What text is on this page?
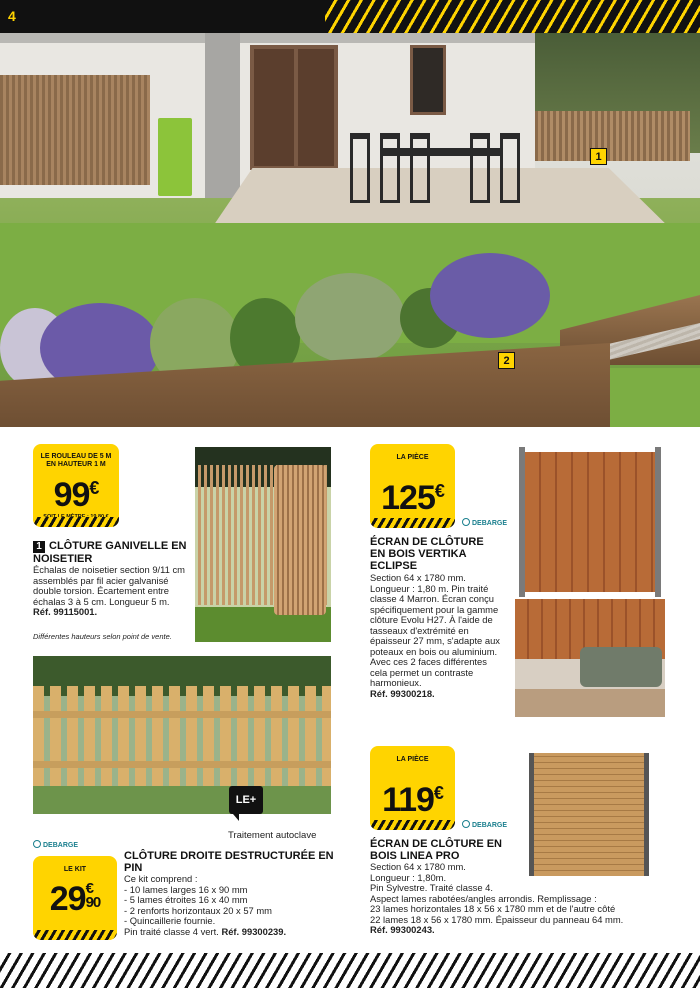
4
1
2
LE ROULEAU DE 5 M EN HAUTEUR 1 M
99€
1 CLÔTURE GANIVELLE EN NOISETIER
Échalas de noisetier section 9/11 cm assemblés par fil acier galvanisé double torsion. Écartement entre échalas 3 à 5 cm. Longueur 5 m.
Réf. 9911500​1.
Différentes hauteurs selon point de vente.
LE+
Traitement autoclave
DEBARGE
LE KIT
29€
90
CLÔTURE DROITE DESTRUCTURÉE EN PIN
Ce kit comprend :
- 10 lames larges 16 x 90 mm
- 5 lames étroites 16 x 40 mm
- 2 renforts horizontaux 20 x 57 mm
- Quincaillerie fournie.
Pin traité classe 4 vert. Réf. 99300239.
LA PIÈCE
125€
DEBARGE
ÉCRAN DE CLÔTURE EN BOIS VERTIKA ECLIPSE
Section 64 x 1780 mm. Longueur : 1,80 m. Pin traité classe 4 Marron. Écran conçu spécifiquement pour la gamme clôture Evolu H27. À l'aide de tasseaux d'extrémité en épaisseur 27 mm, s'adapte aux poteaux en bois ou aluminium. Avec ces 2 faces différentes cela permet un contraste harmonieux.
Réf. 99300218.
LA PIÈCE
119€
DEBARGE
ÉCRAN DE CLÔTURE EN BOIS LINEA PRO
Section 64 x 1780 mm.
Longueur : 1,80m.
Pin Sylvestre. Traité classe 4.
Aspect lames rabotées/angles arrondis. Remplissage :
23 lames horizontales 18 x 56 x 1780 mm et de l'autre côté
22 lames 18 x 56 x 1780 mm. Épaisseur du panneau 64 mm.
Réf. 99300243.
